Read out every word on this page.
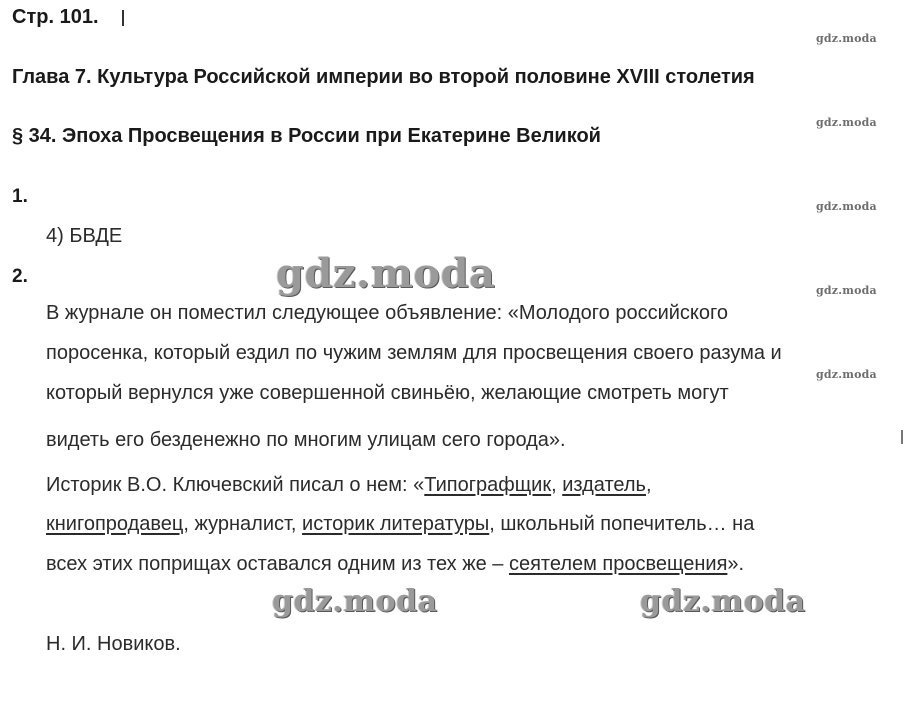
Стр. 101.
Глава 7. Культура Российской империи во второй половине XVIII столетия
§ 34. Эпоха Просвещения в России при Екатерине Великой
1.
4) БВДЕ
2.
В журнале он поместил следующее объявление: «Молодого российского
поросенка, который ездил по чужим землям для просвещения своего разума и
который вернулся уже совершенной свиньёю, желающие смотреть могут
видеть его безденежно по многим улицам сего города».
Историк В.О. Ключевский писал о нем: «Типографщик, издатель,
книгопродавец, журналист, историк литературы, школьный попечитель… на
всех этих поприщах оставался одним из тех же – сеятелем просвещения».
Н. И. Новиков.
gdz.moda
gdz.moda
gdz.moda
gdz.moda
gdz.moda
gdz.moda
gdz.moda	gdz.moda
